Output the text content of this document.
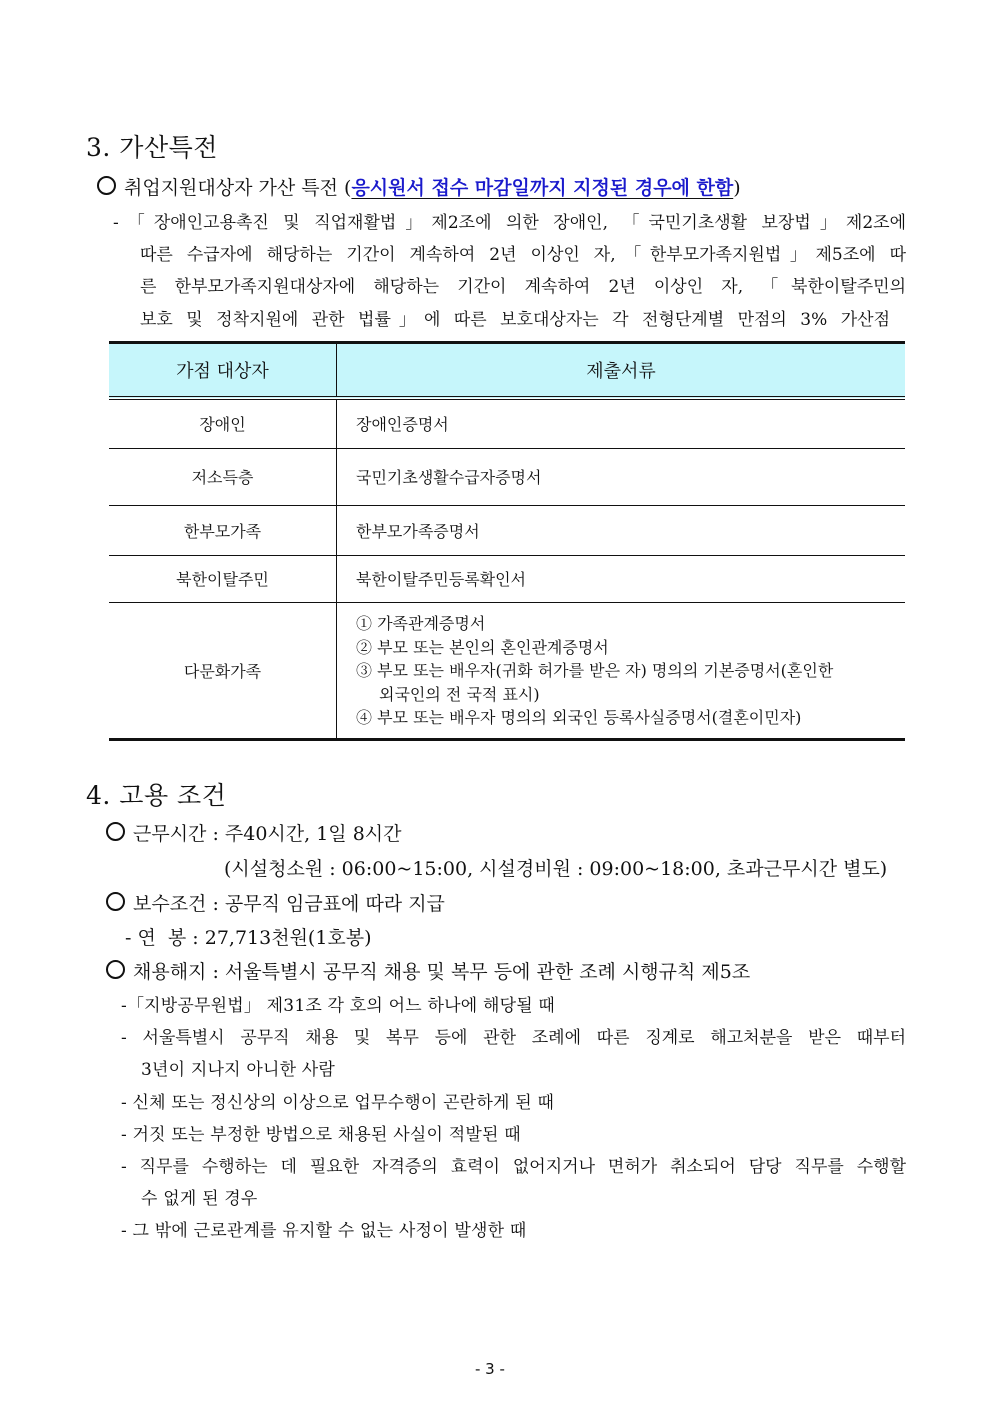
3. 가산특전
취업지원대상자 가산 특전 (응시원서 접수 마감일까지 지정된 경우에 한함)
-「장애인고용촉진 및 직업재활법」제2조에 의한 장애인, 「국민기초생활 보장법」제2조에
따른 수급자에 해당하는 기간이 계속하여 2년 이상인 자,「한부모가족지원법」제5조에 따
른 한부모가족지원대상자에 해당하는 기간이 계속하여 2년 이상인 자, 「북한이탈주민의
보호 및 정착지원에 관한 법률」에 따른 보호대상자는 각 전형단계별 만점의 3% 가산점
가점 대상자	제출서류
장애인	장애인증명서
저소득층	국민기초생활수급자증명서
한부모가족	한부모가족증명서
북한이탈주민	북한이탈주민등록확인서
다문화가족	① 가족관계증명서
② 부모 또는 본인의 혼인관계증명서
③ 부모 또는 배우자(귀화 허가를 받은 자) 명의의 기본증명서(혼인한
외국인의 전 국적 표시)
④ 부모 또는 배우자 명의의 외국인 등록사실증명서(결혼이민자)
4. 고용 조건
근무시간 : 주40시간, 1일 8시간
(시설청소원 : 06:00~15:00, 시설경비원 : 09:00~18:00, 초과근무시간 별도)
보수조건 : 공무직 임금표에 따라 지급
- 연  봉 : 27,713천원(1호봉)
채용해지 : 서울특별시 공무직 채용 및 복무 등에 관한 조례 시행규칙 제5조
-「지방공무원법」 제31조 각 호의 어느 하나에 해당될 때
- 서울특별시 공무직 채용 및 복무 등에 관한 조례에 따른 징계로 해고처분을 받은 때부터
3년이 지나지 아니한 사람
- 신체 또는 정신상의 이상으로 업무수행이 곤란하게 된 때
- 거짓 또는 부정한 방법으로 채용된 사실이 적발된 때
- 직무를 수행하는 데 필요한 자격증의 효력이 없어지거나 면허가 취소되어 담당 직무를 수행할
수 없게 된 경우
- 그 밖에 근로관계를 유지할 수 없는 사정이 발생한 때
- 3 -
